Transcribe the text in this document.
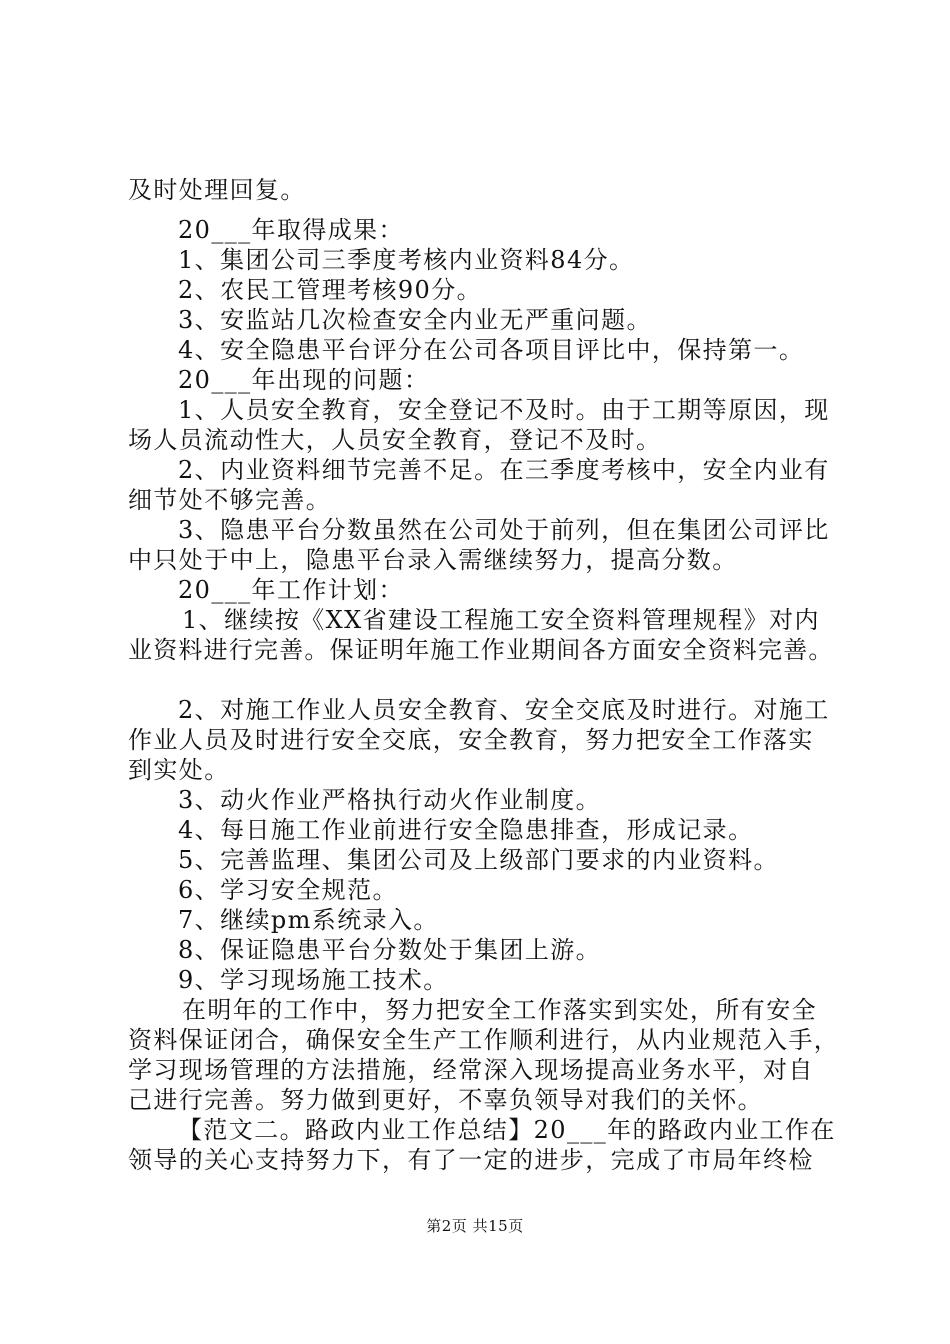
及时处理回复。
20___年取得成果：
1、集团公司三季度考核内业资料84分。
2、农民工管理考核90分。
3、安监站几次检查安全内业无严重问题。
4、安全隐患平台评分在公司各项目评比中，保持第一。
20___年出现的问题：
1、人员安全教育，安全登记不及时。由于工期等原因，现
场人员流动性大，人员安全教育，登记不及时。
2、内业资料细节完善不足。在三季度考核中，安全内业有
细节处不够完善。
3、隐患平台分数虽然在公司处于前列，但在集团公司评比
中只处于中上，隐患平台录入需继续努力，提高分数。
20___年工作计划：
1、继续按《XX省建设工程施工安全资料管理规程》对内
业资料进行完善。保证明年施工作业期间各方面安全资料完善。
2、对施工作业人员安全教育、安全交底及时进行。对施工
作业人员及时进行安全交底，安全教育，努力把安全工作落实
到实处。
3、动火作业严格执行动火作业制度。
4、每日施工作业前进行安全隐患排查，形成记录。
5、完善监理、集团公司及上级部门要求的内业资料。
6、学习安全规范。
7、继续pm系统录入。
8、保证隐患平台分数处于集团上游。
9、学习现场施工技术。
在明年的工作中，努力把安全工作落实到实处，所有安全
资料保证闭合，确保安全生产工作顺利进行，从内业规范入手，
学习现场管理的方法措施，经常深入现场提高业务水平，对自
己进行完善。努力做到更好，不辜负领导对我们的关怀。
【范文二。路政内业工作总结】20___年的路政内业工作在
领导的关心支持努力下，有了一定的进步，完成了市局年终检
第2页 共15页
